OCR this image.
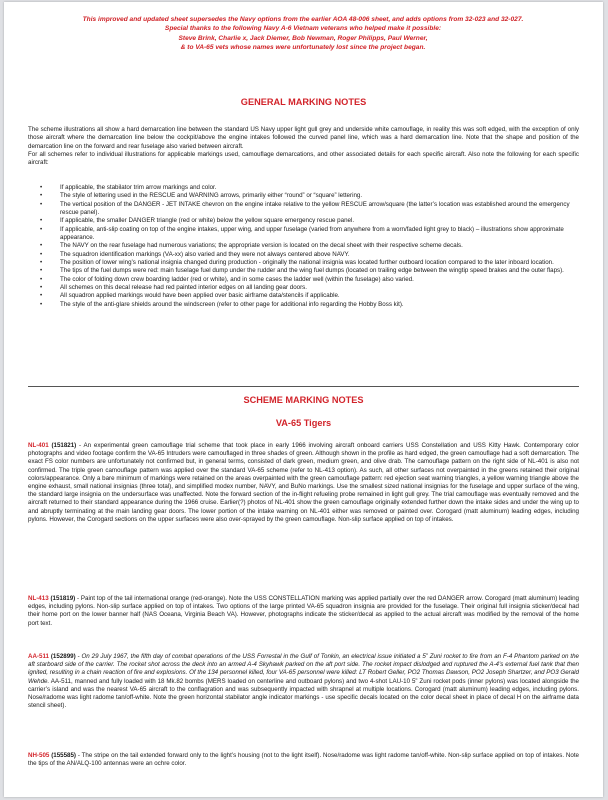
This improved and updated sheet supersedes the Navy options from the earlier AOA 48-006 sheet, and adds options from 32-023 and 32-027.

Special thanks to the following Navy A-6 Vietnam veterans who helped make it possible:

Steve Brink, Charlie x, Jack Diemer, Bob Newman, Roger Philipps, Paul Werner,

& to VA-65 vets whose names were unfortunately lost since the project began.

GENERAL MARKING NOTES

The scheme illustrations all show a hard demarcation line between the standard US Navy upper light gull grey and underside white camouflage, in reality this was soft edged, with the exception of only those aircraft where the demarcation line below the cockpit/above the engine intakes followed the curved panel line, which was a hard demarcation line. Note that the shape and position of the demarcation line on the forward and rear fuselage also varied between aircraft.

For all schemes refer to individual illustrations for applicable markings used, camouflage demarcations, and other associated details for each specific aircraft. Also note the following for each specific aircraft:

•	If applicable, the stabilator trim arrow markings and color.
•	The style of lettering used in the RESCUE and WARNING arrows, primarily either “round” or “square” lettering.
•	The vertical position of the DANGER - JET INTAKE chevron on the engine intake relative to the yellow RESCUE arrow/square (the latter’s location was established around the emergency rescue panel).
•	If applicable, the smaller DANGER triangle (red or white) below the yellow square emergency rescue panel.
•	If applicable, anti-slip coating on top of the engine intakes, upper wing, and upper fuselage (varied from anywhere from a worn/faded light grey to black) – illustrations show approximate appearance.
•	The NAVY on the rear fuselage had numerous variations; the appropriate version is located on the decal sheet with their respective scheme decals.
•	The squadron identification markings (VA-xx) also varied and they were not always centered above NAVY.
•	The position of lower wing’s national insignia changed during production - originally the national insignia was located further outboard location compared to the later inboard location.
•	The tips of the fuel dumps were red: main fuselage fuel dump under the rudder and the wing fuel dumps (located on trailing edge between the wingtip speed brakes and the outer flaps).
•	The color of folding down crew boarding ladder (red or white), and in some cases the ladder well (within the fuselage) also varied.
•	All schemes on this decal release had red painted interior edges on all landing gear doors.
•	All squadron applied markings would have been applied over basic airframe data/stencils if applicable.
•	The style of the anti-glare shields around the windscreen (refer to other page for additional info regarding the Hobby Boss kit).
SCHEME MARKING NOTES
VA-65 Tigers

NL-401 (151821) - An experimental green camouflage trial scheme that took place in early 1966 involving aircraft onboard carriers USS Constellation and USS Kitty Hawk. Contemporary color photographs and video footage confirm the VA-65 Intruders were camouflaged in three shades of green. Although shown in the profile as hard edged, the green camouflage had a soft demarcation. The exact FS color numbers are unfortunately not confirmed but, in general terms, consisted of dark green, medium green, and olive drab. The camouflage pattern on the right side of NL-401 is also not confirmed. The triple green camouflage pattern was applied over the standard VA-65 scheme (refer to NL-413 option). As such, all other surfaces not overpainted in the greens retained their original colors/appearance. Only a bare minimum of markings were retained on the areas overpainted with the green camouflage pattern: red ejection seat warning triangles, a yellow warning triangle above the engine exhaust, small national insignias (three total), and simplified modex number, NAVY, and BuNo markings. Use the smallest sized national insignias for the fuselage and upper surface of the wing, the standard large insignia on the undersurface was unaffected. Note the forward section of the in-flight refueling probe remained in light gull grey. The trial camouflage was eventually removed and the aircraft returned to their standard appearance during the 1966 cruise. Earlier(?) photos of NL-401 show the green camouflage originally extended further down the intake sides and under the wing up to and abruptly terminating at the main landing gear doors. The lower portion of the intake warning on NL-401 either was removed or painted over. Corogard (matt aluminum) leading edges, including pylons. However, the Corogard sections on the upper surfaces were also over-sprayed by the green camouflage. Non-slip surface applied on top of intakes.

NL-413 (151819) - Paint top of the tail international orange (red-orange). Note the USS CONSTELLATION marking was applied partially over the red DANGER arrow. Corogard (matt aluminum) leading edges, including pylons. Non-slip surface applied on top of intakes. Two options of the large printed VA-65 squadron insignia are provided for the fuselage. Their original full insignia sticker/decal had their home port on the lower banner half (NAS Oceana, Virginia Beach VA). However, photographs indicate the sticker/decal as applied to the actual aircraft was modified by the removal of the home port text.

AA-511 (152899) - On 29 July 1967, the fifth day of combat operations of the USS Forrestal in the Gulf of Tonkin, an electrical issue initiated a 5” Zuni rocket to fire from an F-4 Phantom parked on the aft starboard side of the carrier. The rocket shot across the deck into an armed A-4 Skyhawk parked on the aft port side. The rocket impact dislodged and ruptured the A-4’s external fuel tank that then ignited, resulting in a chain reaction of fire and explosions. Of the 134 personnel killed, four VA-65 personnel were killed: LT Robert Geller, PO2 Thomas Dawson, PO2 Joseph Shartzer, and PO3 Gerald Wehde. AA-511, manned and fully loaded with 18 Mk.82 bombs (MERS loaded on centerline and outboard pylons) and two 4-shot LAU-10 5” Zuni rocket pods (inner pylons) was located alongside the carrier’s island and was the nearest VA-65 aircraft to the conflagration and was subsequently impacted with shrapnel at multiple locations. Corogard (matt aluminum) leading edges, including pylons. Nose/radome was light radome tan/off-white. Note the green horizontal stabilator angle indicator markings - use specific decals located on the color decal sheet in place of decal H on the airframe data stencil sheet).

NH-505 (155585) - The stripe on the tail extended forward only to the light’s housing (not to the light itself). Nose/radome was light radome tan/off-white. Non-slip surface applied on top of intakes. Note the tips of the AN/ALQ-100 antennas were an ochre color.
